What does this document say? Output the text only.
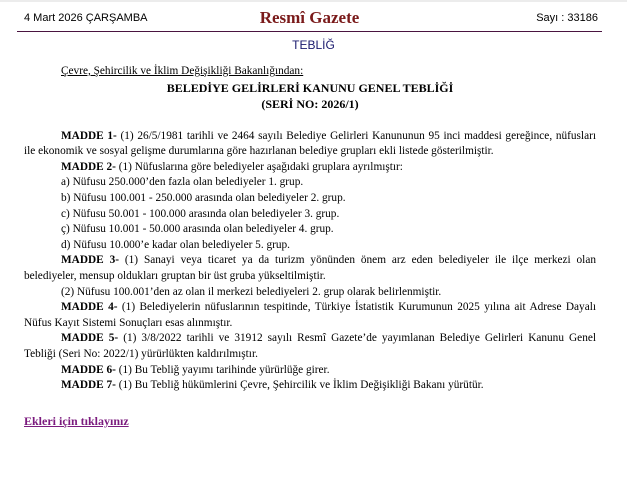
4 Mart 2026 ÇARŞAMBA	Resmî Gazete	Sayı : 33186
TEBLİĞ
Çevre, Şehircilik ve İklim Değişikliği Bakanlığından:
BELEDİYE GELİRLERİ KANUNU GENEL TEBLİĞİ
(SERİ NO: 2026/1)
MADDE 1- (1) 26/5/1981 tarihli ve 2464 sayılı Belediye Gelirleri Kanununun 95 inci maddesi gereğince, nüfusları ile ekonomik ve sosyal gelişme durumlarına göre hazırlanan belediye grupları ekli listede gösterilmiştir.
MADDE 2- (1) Nüfuslarına göre belediyeler aşağıdaki gruplara ayrılmıştır:
a) Nüfusu 250.000’den fazla olan belediyeler 1. grup.
b) Nüfusu 100.001 - 250.000 arasında olan belediyeler 2. grup.
c) Nüfusu 50.001 - 100.000 arasında olan belediyeler 3. grup.
ç) Nüfusu 10.001 - 50.000 arasında olan belediyeler 4. grup.
d) Nüfusu 10.000’e kadar olan belediyeler 5. grup.
MADDE 3- (1) Sanayi veya ticaret ya da turizm yönünden önem arz eden belediyeler ile ilçe merkezi olan belediyeler, mensup oldukları gruptan bir üst gruba yükseltilmiştir.
(2) Nüfusu 100.001’den az olan il merkezi belediyeleri 2. grup olarak belirlenmiştir.
MADDE 4- (1) Belediyelerin nüfuslarının tespitinde, Türkiye İstatistik Kurumunun 2025 yılına ait Adrese Dayalı Nüfus Kayıt Sistemi Sonuçları esas alınmıştır.
MADDE 5- (1) 3/8/2022 tarihli ve 31912 sayılı Resmî Gazete’de yayımlanan Belediye Gelirleri Kanunu Genel Tebliği (Seri No: 2022/1) yürürlükten kaldırılmıştır.
MADDE 6- (1) Bu Tebliğ yayımı tarihinde yürürlüğe girer.
MADDE 7- (1) Bu Tebliğ hükümlerini Çevre, Şehircilik ve İklim Değişikliği Bakanı yürütür.
Ekleri için tıklayınız
